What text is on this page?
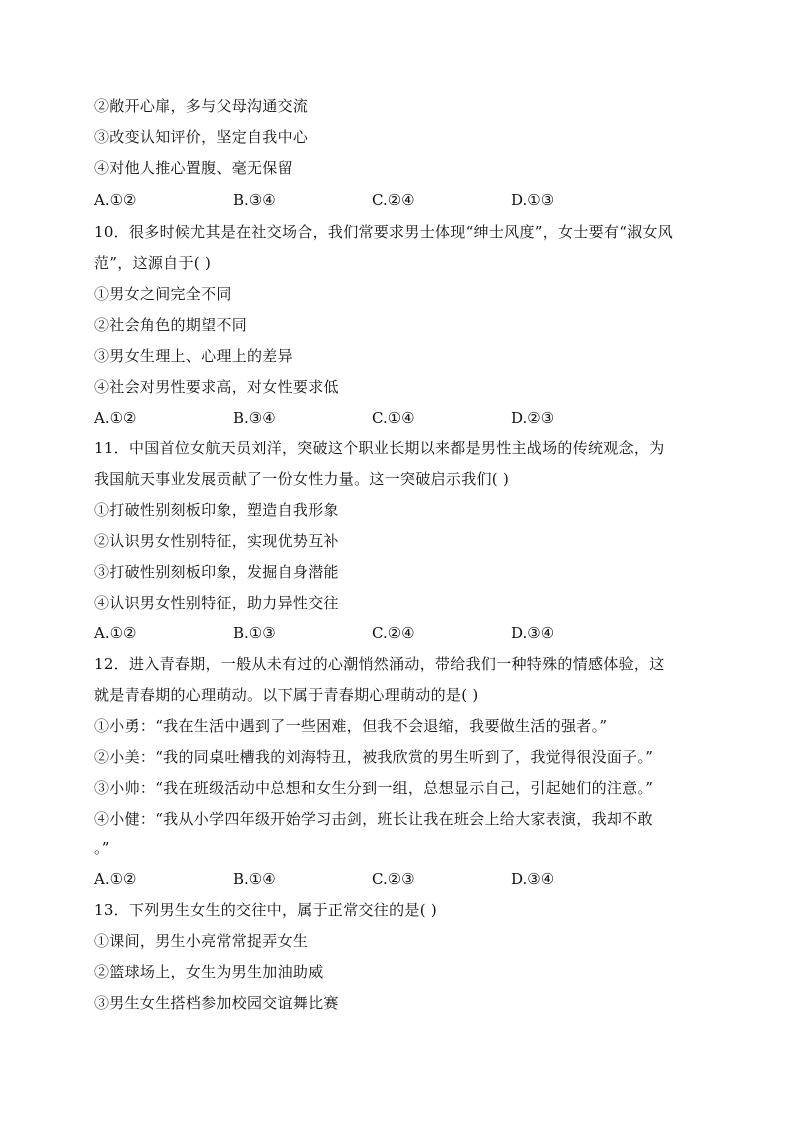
②敞开心扉，多与父母沟通交流
③改变认知评价，坚定自我中心
④对他人推心置腹、毫无保留
A.①②	B.③④	C.②④	D.①③
10．很多时候尤其是在社交场合，我们常要求男士体现“绅士风度”，女士要有“淑女风
范”，这源自于( )
①男女之间完全不同
②社会角色的期望不同
③男女生理上、心理上的差异
④社会对男性要求高，对女性要求低
A.①②	B.③④	C.①④	D.②③
11．中国首位女航天员刘洋，突破这个职业长期以来都是男性主战场的传统观念，为
我国航天事业发展贡献了一份女性力量。这一突破启示我们( )
①打破性别刻板印象，塑造自我形象
②认识男女性别特征，实现优势互补
③打破性别刻板印象，发掘自身潜能
④认识男女性别特征，助力异性交往
A.①②	B.①③	C.②④	D.③④
12．进入青春期，一般从未有过的心潮悄然涌动，带给我们一种特殊的情感体验，这
就是青春期的心理萌动。以下属于青春期心理萌动的是( )
①小勇：“我在生活中遇到了一些困难，但我不会退缩，我要做生活的强者。”
②小美：“我的同桌吐槽我的刘海特丑，被我欣赏的男生听到了，我觉得很没面子。”
③小帅：“我在班级活动中总想和女生分到一组，总想显示自己，引起她们的注意。”
④小健：“我从小学四年级开始学习击剑，班长让我在班会上给大家表演，我却不敢
。”
A.①②	B.①④	C.②③	D.③④
13．下列男生女生的交往中，属于正常交往的是( )
①课间，男生小亮常常捉弄女生
②篮球场上，女生为男生加油助威
③男生女生搭档参加校园交谊舞比赛
